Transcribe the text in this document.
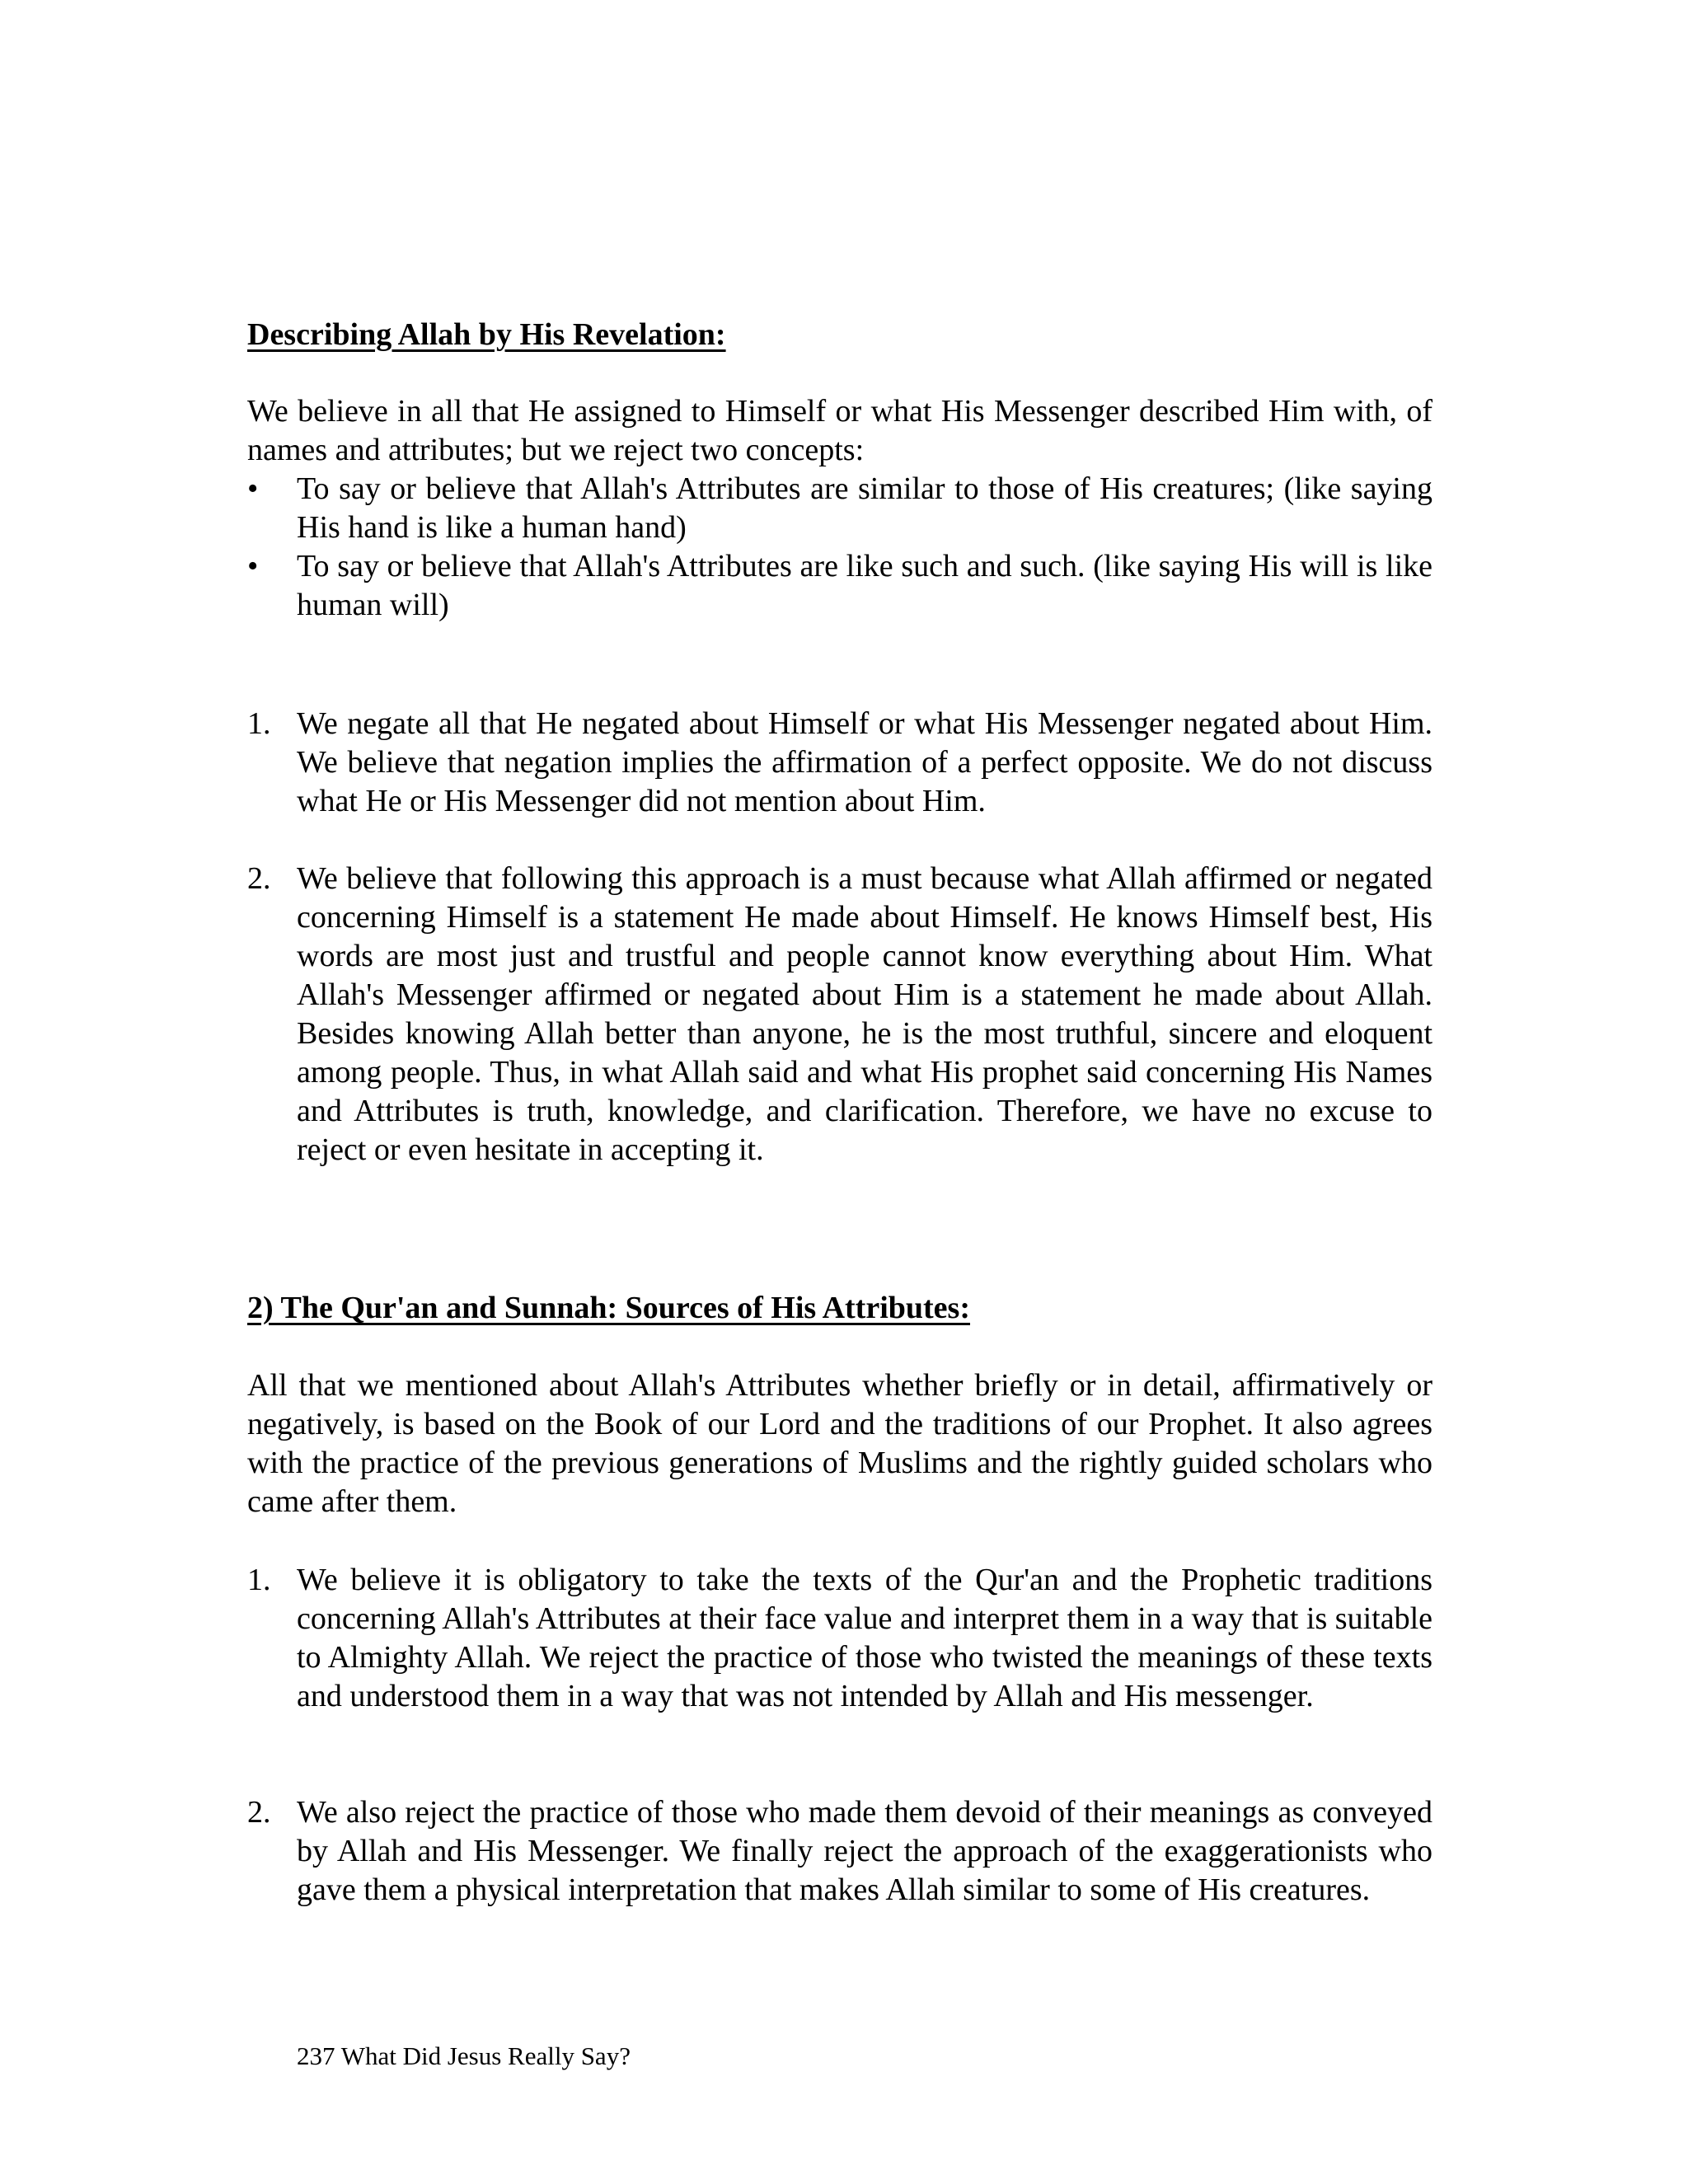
Describing Allah by His Revelation:

We believe in all that He assigned to Himself or what His Messenger described Him with, of names and attributes; but we reject two concepts:

•	To say or believe that Allah's Attributes are similar to those of His creatures; (like saying His hand is like a human hand)
•	To say or believe that Allah's Attributes are like such and such. (like saying His will is like human will)
1. We negate all that He negated about Himself or what His Messenger negated about Him. We believe that negation implies the affirmation of a perfect opposite. We do not discuss what He or His Messenger did not mention about Him.
2. We believe that following this approach is a must because what Allah affirmed or negated concerning Himself is a statement He made about Himself. He knows Himself best, His words are most just and trustful and people cannot know everything about Him. What Allah's Messenger affirmed or negated about Him is a statement he made about Allah. Besides knowing Allah better than anyone, he is the most truthful, sincere and eloquent among people. Thus, in what Allah said and what His prophet said concerning His Names and Attributes is truth, knowledge, and clarification. Therefore, we have no excuse to reject or even hesitate in accepting it.

2) The Qur'an and Sunnah: Sources of His Attributes:

All that we mentioned about Allah's Attributes whether briefly or in detail, affirmatively or negatively, is based on the Book of our Lord and the traditions of our Prophet. It also agrees with the practice of the previous generations of Muslims and the rightly guided scholars who came after them.

1. We believe it is obligatory to take the texts of the Qur'an and the Prophetic traditions concerning Allah's Attributes at their face value and interpret them in a way that is suitable to Almighty Allah. We reject the practice of those who twisted the meanings of these texts and understood them in a way that was not intended by Allah and His messenger.
2. We also reject the practice of those who made them devoid of their meanings as conveyed by Allah and His Messenger. We finally reject the approach of the exaggerationists who gave them a physical interpretation that makes Allah similar to some of His creatures.
237 What Did Jesus Really Say?
